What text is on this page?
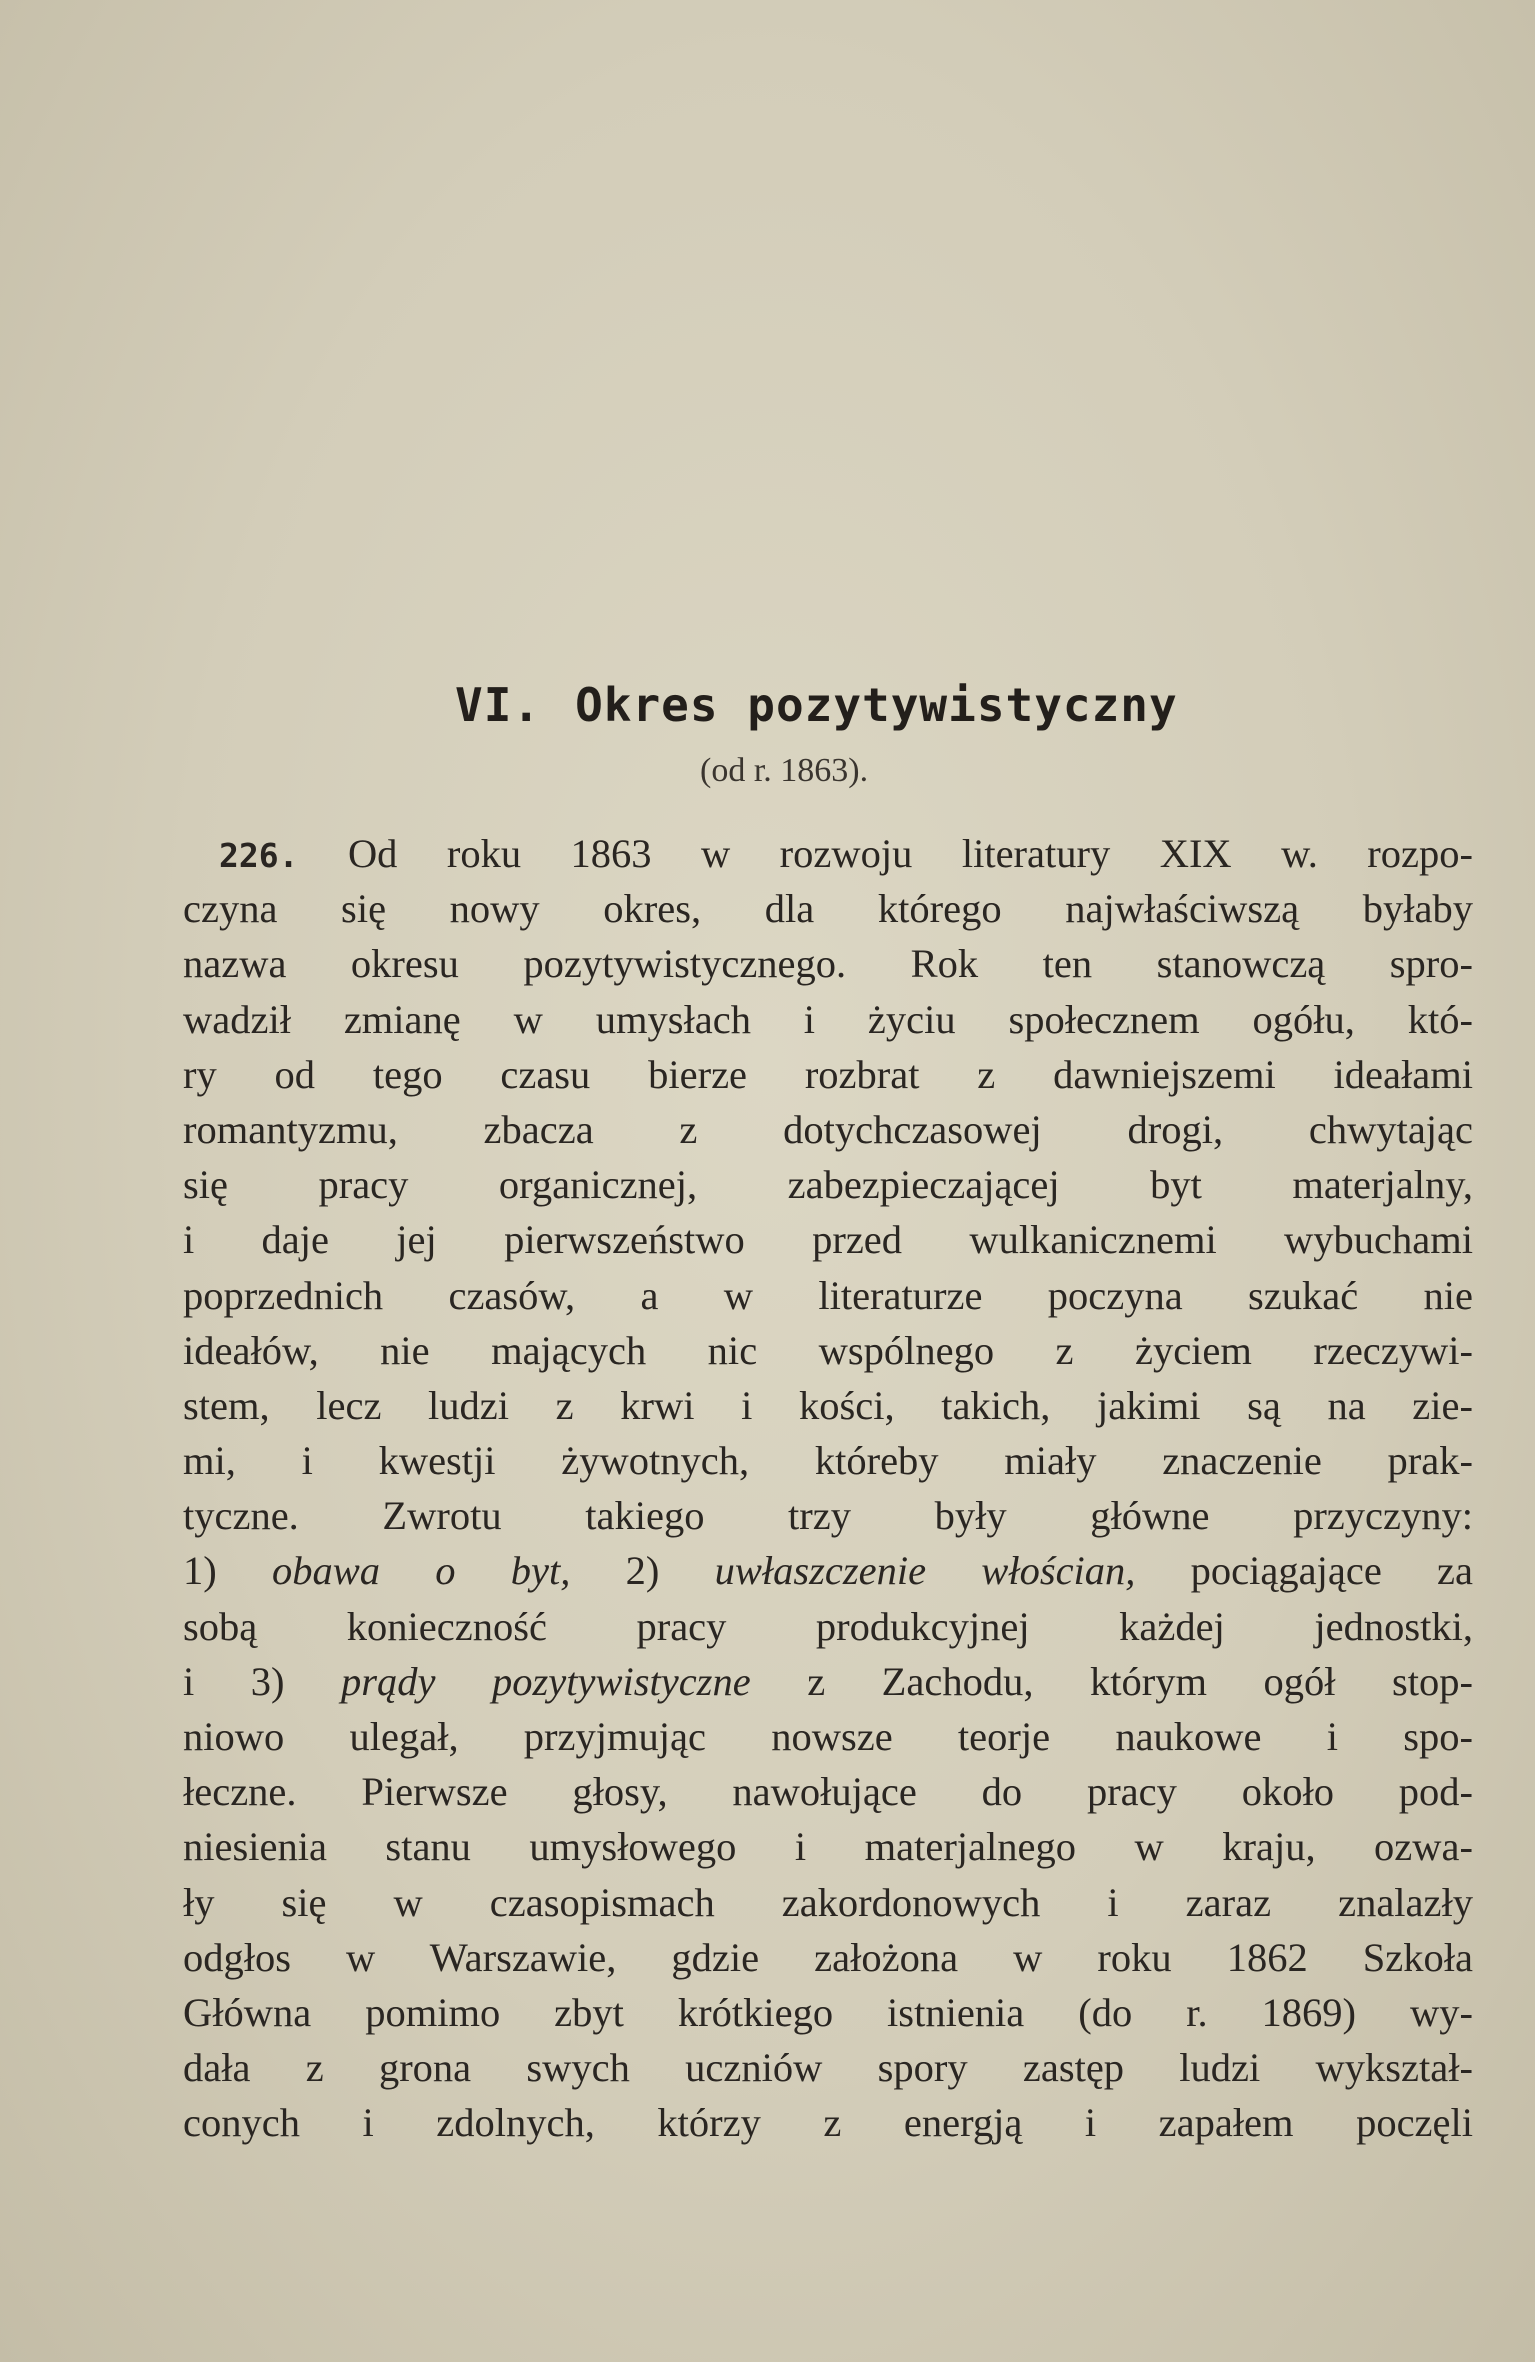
VI. Okres pozytywistyczny
(od r. 1863).
226. Od roku 1863 w rozwoju literatury XIX w. rozpo-
czyna się nowy okres, dla którego najwłaściwszą byłaby
nazwa okresu pozytywistycznego. Rok ten stanowczą spro-
wadził zmianę w umysłach i życiu społecznem ogółu, któ-
ry od tego czasu bierze rozbrat z dawniejszemi ideałami
romantyzmu, zbacza z dotychczasowej drogi, chwytając
się pracy organicznej, zabezpieczającej byt materjalny,
i daje jej pierwszeństwo przed wulkanicznemi wybuchami
poprzednich czasów, a w literaturze poczyna szukać nie
ideałów, nie mających nic wspólnego z życiem rzeczywi-
stem, lecz ludzi z krwi i kości, takich, jakimi są na zie-
mi, i kwestji żywotnych, któreby miały znaczenie prak-
tyczne. Zwrotu takiego trzy były główne przyczyny:
1) obawa o byt, 2) uwłaszczenie włościan, pociągające za
sobą konieczność pracy produkcyjnej każdej jednostki,
i 3) prądy pozytywistyczne z Zachodu, którym ogół stop-
niowo ulegał, przyjmując nowsze teorje naukowe i spo-
łeczne. Pierwsze głosy, nawołujące do pracy około pod-
niesienia stanu umysłowego i materjalnego w kraju, ozwa-
ły się w czasopismach zakordonowych i zaraz znalazły
odgłos w Warszawie, gdzie założona w roku 1862 Szkoła
Główna pomimo zbyt krótkiego istnienia (do r. 1869) wy-
dała z grona swych uczniów spory zastęp ludzi wykształ-
conych i zdolnych, którzy z energją i zapałem poczęli
